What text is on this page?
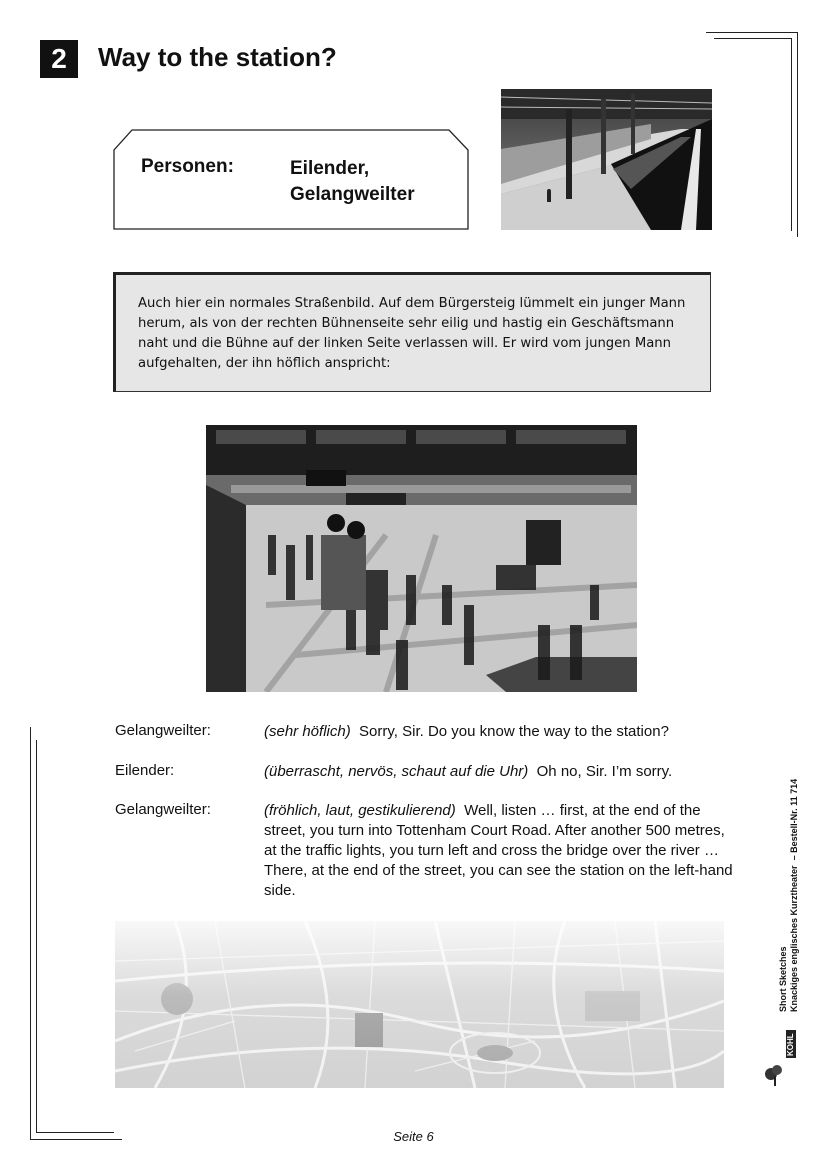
2	Way to the station?
Personen:	Eilender,
Gelangweilter
Auch hier ein normales Straßenbild. Auf dem Bürgersteig lümmelt ein junger Mann herum, als von der rechten Bühnenseite sehr eilig und hastig ein Geschäftsmann naht und die Bühne auf der linken Seite verlassen will. Er wird vom jungen Mann aufgehalten, der ihn höflich anspricht:
Gelangweilter:	(sehr höflich) Sorry, Sir. Do you know the way to the station?
Eilender:	(überrascht, nervös, schaut auf die Uhr) Oh no, Sir. I’m sorry.
Gelangweilter:	(fröhlich, laut, gestikulierend) Well, listen … first, at the end of the street, you turn into Tottenham Court Road. After another 500 metres, at the traffic lights, you turn left and cross the bridge over the river … There, at the end of the street, you can see the station on the left-hand side.
Short Sketches Knackiges englisches Kurztheater  – Bestell-Nr. 11 714
KOHL
Seite 6
